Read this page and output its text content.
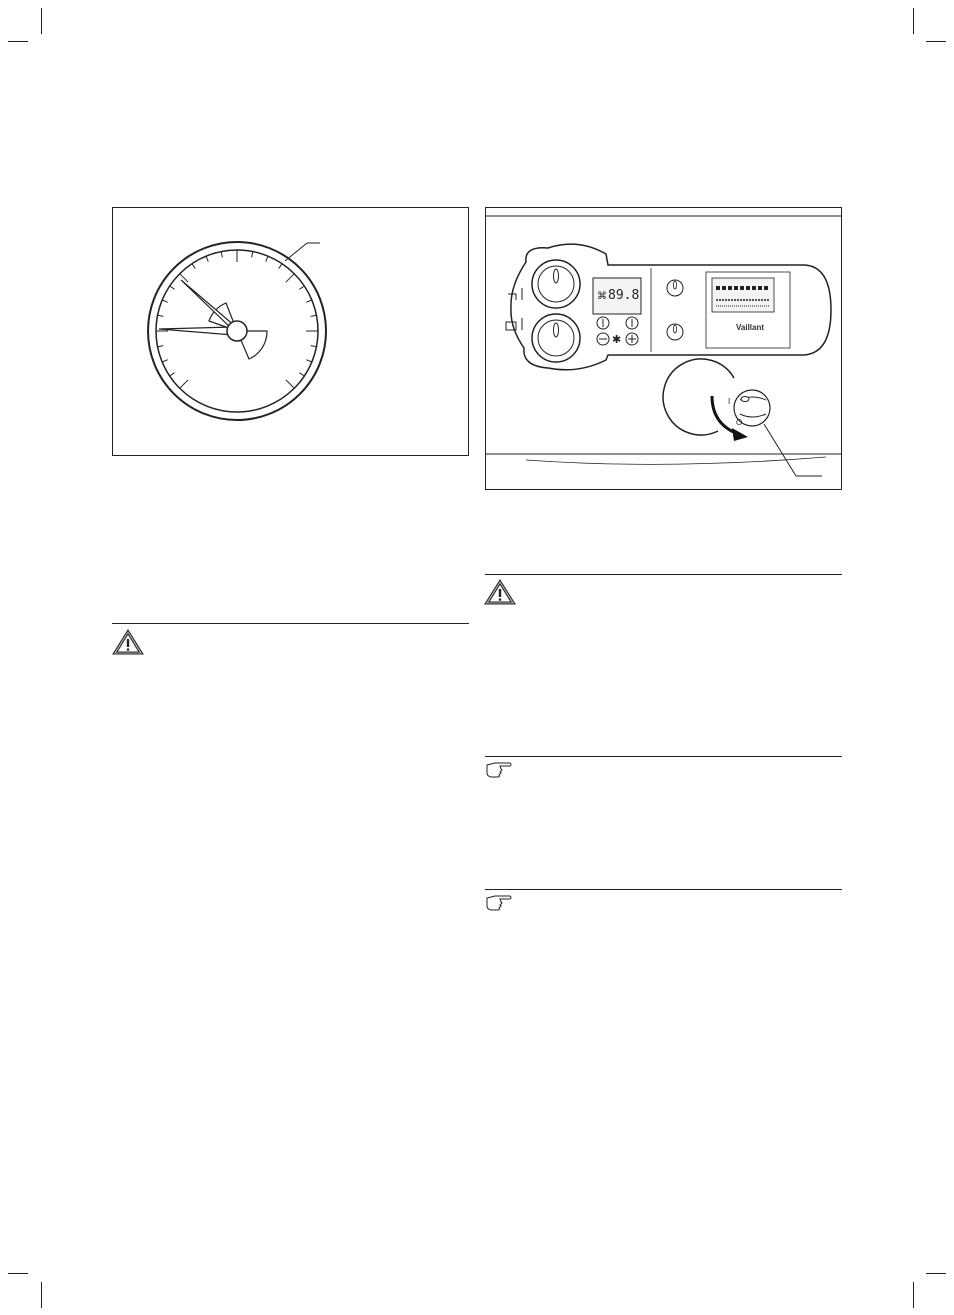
89.8
⌘
✱
Vaillant
I
O
